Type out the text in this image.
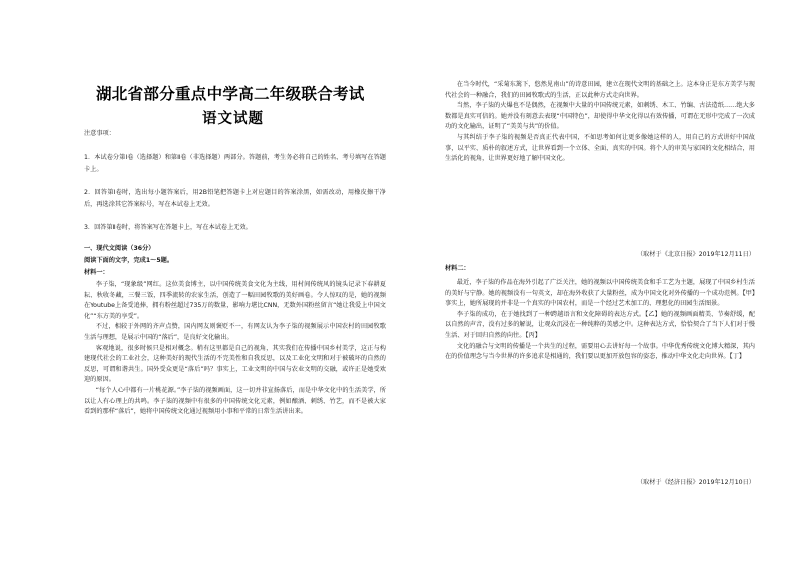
湖北省部分重点中学高二年级联合考试
语文试题

注意事项：

1．本试卷分第Ⅰ卷（选择题）和第Ⅱ卷（非选择题）两部分。答题前，考生务必将自己的姓名、考号填写在答题卡上。

2．回答第Ⅰ卷时，选出每小题答案后，用2B铅笔把答题卡上对应题目的答案涂黑，如需改动，用橡皮擦干净后，再选涂其它答案标号，写在本试卷上无效。

3．回答第Ⅱ卷时，将答案写在答题卡上，写在本试卷上无效。

一、现代文阅读（36分）

阅读下面的文字，完成1～5题。

材料一：

李子柒，“现象级”网红。这位美食博主，以中国传统美食文化为主线，用村间传统风的镜头记录下春耕夏耘、秋收冬藏，三餐三饭，四季流转的农家生活，创造了一幅田园牧歌的美好画卷。令人惊叹的是，她的视频在Youtube上备受追捧，拥有粉丝超过735万的数量，影响力堪比CNN，无数外国粉丝留言“她让我爱上中国文化”“东方美的享受”。

不过，相较于外网的齐声点赞，国内网友则褒贬不一，有网友认为李子柒的视频展示中国农村的田园牧歌生活与理想，是展示中国的“落后”，是良好文化输出。

客观地说，很多时候只是相对概念。稍有这里都是自己的视角，其实我们在传播中国乡村美学，这正与构建现代社会的工业社会，这种美好的现代生活的不完美性和自我反思，以及工业化文明和对于被破坏的自然的反思，可谓和谐共生。国外受众更是“落后”吗？事实上，工业文明的中国与农业文明的交融，或许正是她受欢迎的原因。

“每个人心中都有一片桃花源。”李子柒的视频画面，这一切并非宣扬落后，而是中华文化中的生活美学，所以让人有心理上的共鸣。李子柒的视频中有很多的中国传统文化元素，例如酿酒、刺绣、竹艺，而不是被大家看到的那样“落后”，她将中国传统文化通过视频用小事和平常的日常生活讲出来。

在当今时代，“采菊东篱下，悠然见南山”的诗意田园，建立在现代文明的基础之上。这本身正是东方美学与现代社会的一种融合，我们的田园牧歌式的生活，正以此种方式走向世界。

当然，李子柒的火爆也不是偶然，在视频中大量的中国传统元素，如刺绣、木工、竹编、古法造纸……绝大多数都是真实可信的。她并没有刻意去表现“中国特色”，却使得中华文化得以有效传播，可谓在无形中完成了一次成功的文化输出，证明了“美美与共”的价值。

与其纠结于李子柒的视频是否真正代表中国，不如思考如何让更多像她这样的人，用自己的方式讲好中国故事，以平实、质朴的叙述方式，让世界看到一个立体、全面、真实的中国。将个人的审美与家国的文化相结合，用生活化的视角，让世界更好地了解中国文化。

（取材于《北京日报》2019年12月11日）

材料二：

最近，李子柒的作品在海外引起了广泛关注，她的视频以中国传统美食和手工艺为主题，展现了中国乡村生活的美好与宁静。她的视频没有一句英文，却在海外收获了大量粉丝，成为中国文化对外传播的一个成功范例。【甲】事实上，她所展现的并非是一个真实的中国农村，而是一个经过艺术加工的、理想化的田园生活图景。

李子柒的成功，在于她找到了一种跨越语言和文化障碍的表达方式。【乙】她的视频画面精美、节奏舒缓，配以自然的声音，没有过多的解说，让观众沉浸在一种纯粹的美感之中。这种表达方式，恰恰契合了当下人们对于慢生活、对于回归自然的向往。【丙】

文化的融合与文明的传播是一个共生的过程，需要用心去讲好每一个故事。中华优秀传统文化博大精深，其内在的价值理念与当今世界的许多追求是相通的，我们要以更加开放包容的姿态，推动中华文化走向世界。【丁】

（取材于《经济日报》2019年12月10日）
